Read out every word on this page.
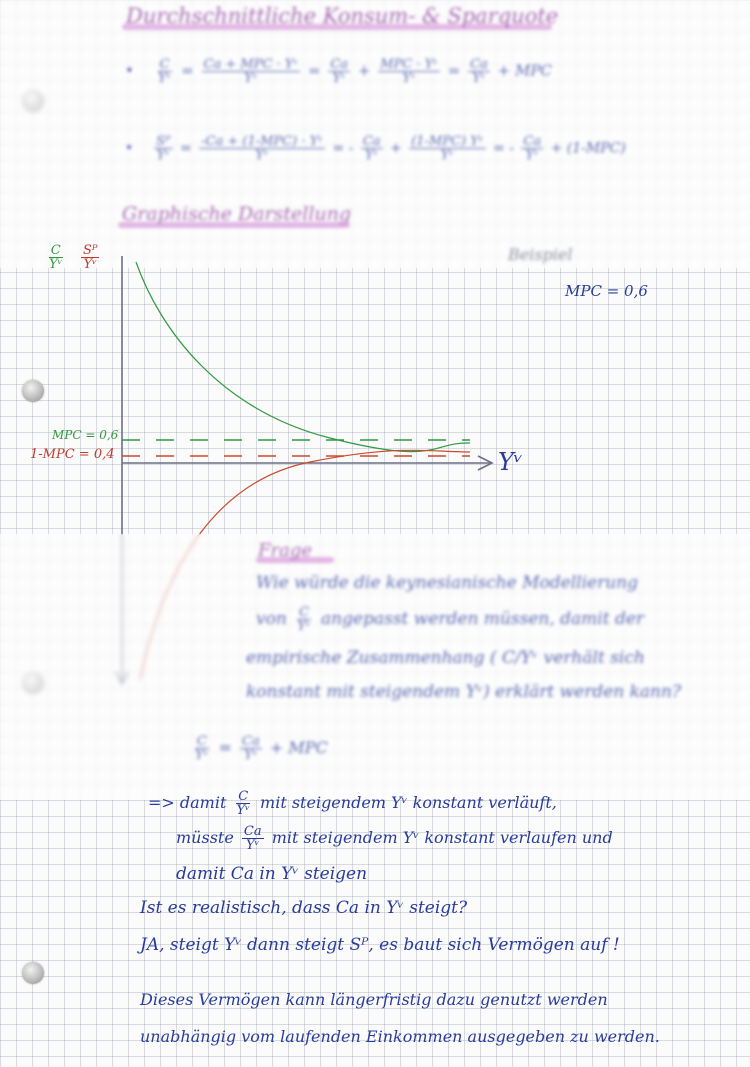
Durchschnittliche Konsum- & Sparquote
• $\frac{C}{\text{Yᵛ}} = \frac{\text{Ca + MPC · Yᵛ}}{\text{Yᵛ}} = \frac{Ca}{\text{Yᵛ}} + \frac{\text{MPC · Yᵛ}}{\text{Yᵛ}} = \frac{Ca}{\text{Yᵛ}}$ + MPC
• $\frac{\text{Sᴾ}}{\text{Yᵛ}} = \frac{\text{-Ca + (1-MPC) · Yᵛ}}{\text{Yᵛ}}$ = - $\frac{Ca}{\text{Yᵛ}} + \frac{\text{(1-MPC) Yᵛ}}{\text{Yᵛ}}$ = - $\frac{Ca}{\text{Yᵛ}} + (1-MPC)$
Graphische Darstellung
Beispiel
MPC = 0,6
$\frac{C}{\text{Yᵛ}} \frac{\text{Sᴾ}}{\text{Yᵛ}}$
MPC = 0,6
1-MPC = 0,4	Yᵛ
Frage
Wie würde die keynesianische Modellierung
von $\frac{C}{\text{Yᵛ}}$ angepasst werden müssen, damit der
empirische Zusammenhang ( C/Yᵛ verhält sich
konstant mit steigendem Yᵛ) erklärt werden kann?
$\frac{C}{\text{Yᵛ}} = \frac{Ca}{\text{Yᵛ}}$ + MPC
=> damit $\frac{C}{\text{Yᵛ}}$ mit steigendem Yᵛ konstant verläuft,
müsste $\frac{Ca}{\text{Yᵛ}}$ mit steigendem Yᵛ konstant verlaufen und
damit Ca in Yᵛ steigen
Ist es realistisch, dass Ca in Yᵛ steigt?
JA, steigt Yᵛ dann steigt Sᴾ, es baut sich Vermögen auf !
Dieses Vermögen kann längerfristig dazu genutzt werden
unabhängig vom laufenden Einkommen ausgegeben zu werden.
